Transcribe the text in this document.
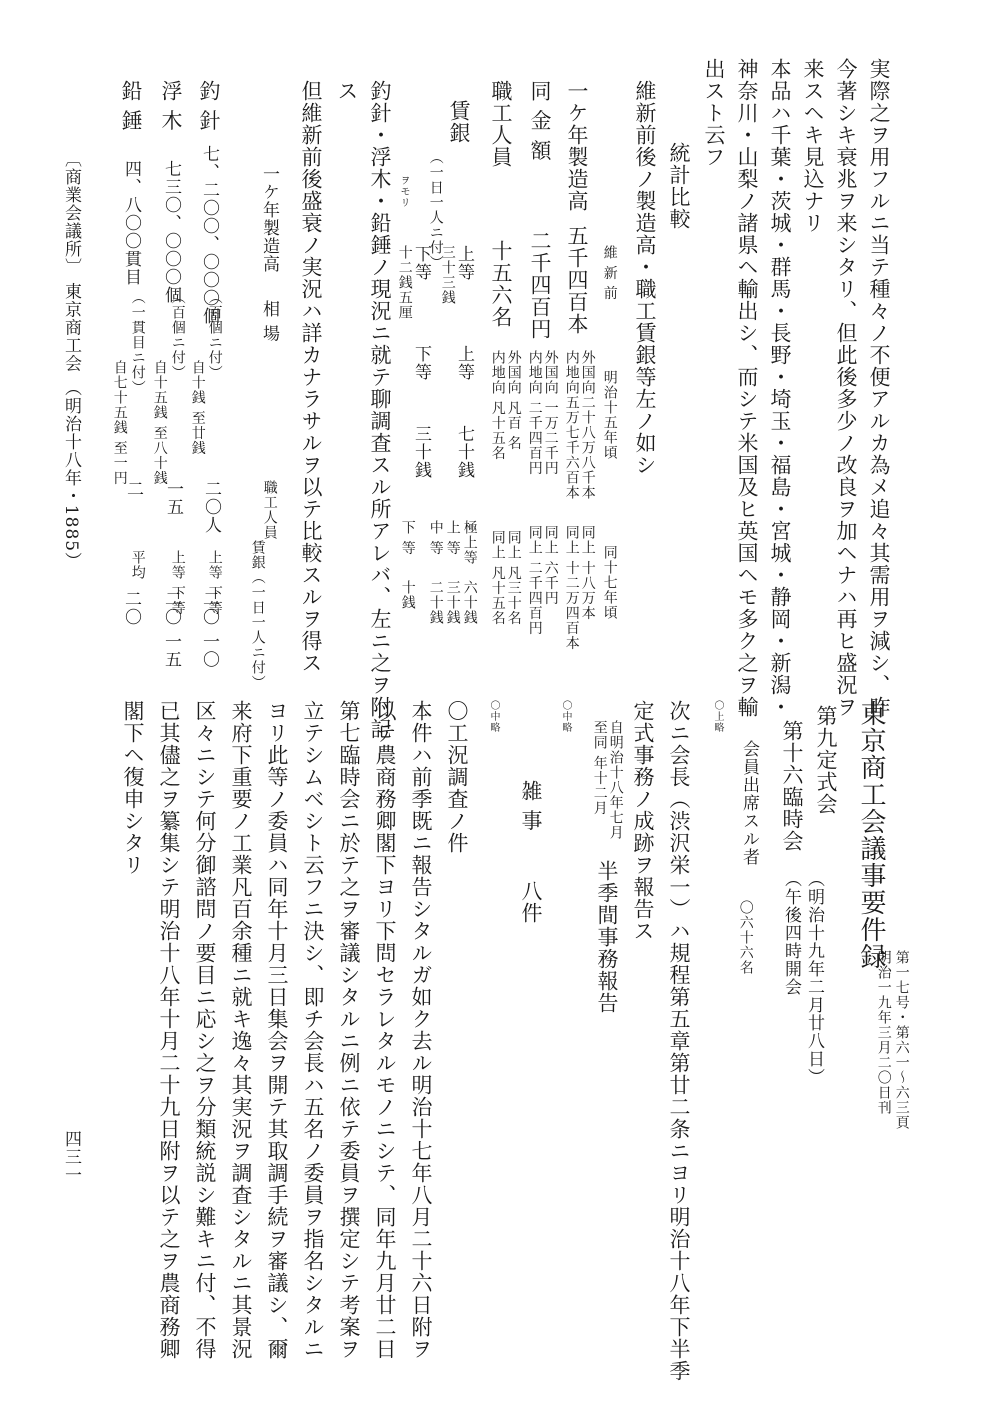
実際之ヲ用フルニ当テ種々ノ不便アルカ為メ追々其需用ヲ減シ、昨
今著シキ衰兆ヲ来シタリ、但此後多少ノ改良ヲ加ヘナハ再ヒ盛況ヲ
来スヘキ見込ナリ
本品ハ千葉・茨城・群馬・長野・埼玉・福島・宮城・静岡・新潟・
神奈川・山梨ノ諸県ヘ輸出シ、而シテ米国及ヒ英国ヘモ多ク之ヲ輸
出スト云フ
統計比較
維新前後ノ製造高・職工賃銀等左ノ如シ
維 新 前
明治十五年頃
同十七年頃
一ケ年製造高
五千四百本
外国向二十八万八千本
内地向五万七千六百本
同上 十八万本
同上 十二万四百本
同 金 額
二千四百円
外国向 一万二千円
内地向 二千四百円
同上 六千円
同上 二千四百円
職工人員
十五六名
外国向 凡百 名
内地向 凡十五名
同上 凡三十名
同上 凡十五名
賃銀
（一日一人ニ付） 上等
三十三銭
下等
十二銭五厘
上等
七十銭
下等
三十銭
極上等
六十銭
上 等
三十銭
中 等
二十銭
下 等
十銭
ヲモリ
釣針・浮木・鉛錘ノ現況ニ就テ聊調査スル所アレバ、左ニ之ヲ附記
ス
但維新前後盛衰ノ実況ハ詳カナラサルヲ以テ比較スルヲ得ス
一ケ年製造高
相 場
職工人員
賃銀（一日一人ニ付）
釣 針
七、二〇〇、〇〇〇個
（百個ニ付）
自十銭 至廿銭
二〇人
上等 下等
二〇 一〇
浮 木
七三〇、〇〇〇個
（百個ニ付）
自十五銭 至八十銭
一五
上等 下等
二〇 一五
鉛 錘
四、八〇〇貫目
（一貫目ニ付）
自七十五銭 至一円
二
平均
二〇
〔商業会議所〕 東京商工会 （明治十八年・1885）
東京商工会議事要件録
第一七号・第六一〜六三頁
明治一九年三月二〇日刊
第九定式会
（明治十九年二月廿八日）
第十六臨時会
（午後四時開会
会員出席スル者
〇六十六名
〇上略
次ニ会長（渋沢栄一）ハ規程第五章第廿二条ニヨリ明治十八年下半季
定式事務ノ成跡ヲ報告ス
自明治十八年七月
至同 年十二月
半季間事務報告
〇中略
雑 事
八件
〇中略
〇工況調査ノ件
本件ハ前季既ニ報告シタルガ如ク去ル明治十七年八月二十六日附ヲ
以テ農商務卿閣下ヨリ下問セラレタルモノニシテ、同年九月廿二日
第七臨時会ニ於テ之ヲ審議シタルニ例ニ依テ委員ヲ撰定シテ考案ヲ
立テシムベシト云フニ決シ、即チ会長ハ五名ノ委員ヲ指名シタルニ
ヨリ此等ノ委員ハ同年十月三日集会ヲ開テ其取調手続ヲ審議シ、爾
来府下重要ノ工業凡百余種ニ就キ逸々其実況ヲ調査シタルニ其景況
区々ニシテ何分御諮問ノ要目ニ応シ之ヲ分類統説シ難キニ付、不得
已其儘之ヲ纂集シテ明治十八年十月二十九日附ヲ以テ之ヲ農商務卿
閣下ヘ復申シタリ
四三一
